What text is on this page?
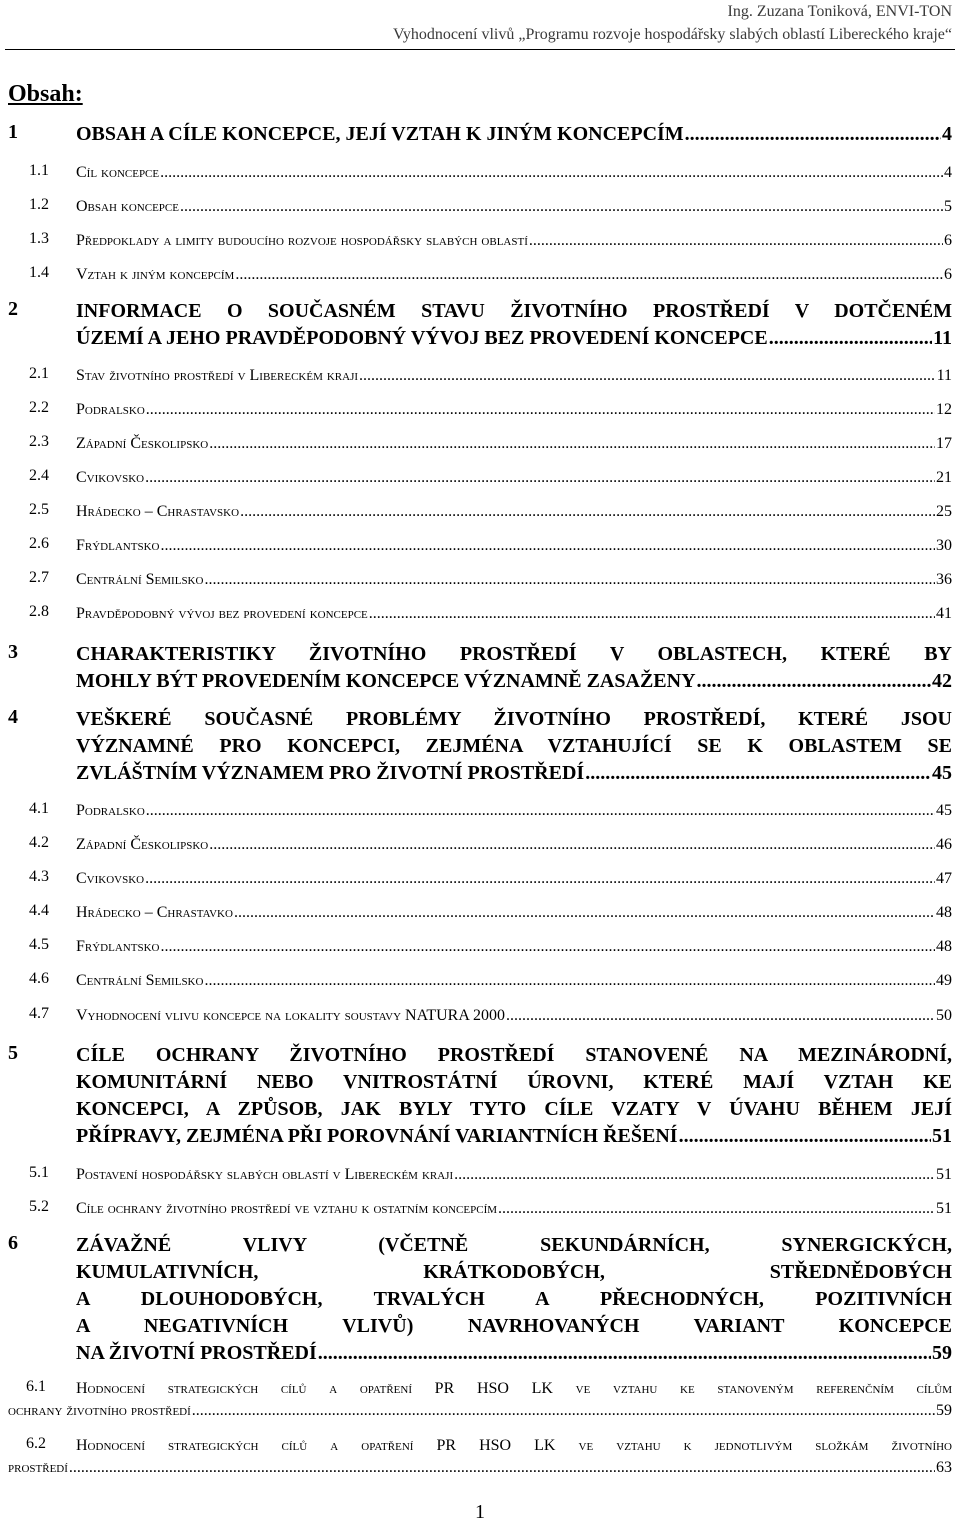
Ing. Zuzana Toniková, ENVI-TON
Vyhodnocení vlivů „Programu rozvoje hospodářsky slabých oblastí Libereckého kraje“
Obsah:
1	OBSAH A CÍLE KONCEPCE, JEJÍ VZTAH K JINÝM KONCEPCÍM .....	4
1.1 Cíl koncepce .....	4
1.2 Obsah koncepce .....	5
1.3 Předpoklady a limity budoucího rozvoje hospodářsky slabých oblastí .....	6
1.4 Vztah k jiným koncepcím .....	6
2	INFORMACE O SOUČASNÉM STAVU ŽIVOTNÍHO PROSTŘEDÍ V DOTČENÉM
ÚZEMÍ A JEHO PRAVDĚPODOBNÝ VÝVOJ BEZ PROVEDENÍ KONCEPCE .....	11
2.1 Stav životního prostředí v Libereckém kraji .....	11
2.2 Podralsko .....	12
2.3 Západní Českolipsko .....	17
2.4 Cvikovsko .....	21
2.5 Hrádecko – Chrastavsko .....	25
2.6 Frýdlantsko .....	30
2.7 Centrální Semilsko .....	36
2.8 Pravděpodobný vývoj bez provedení koncepce .....	41
3	CHARAKTERISTIKY ŽIVOTNÍHO PROSTŘEDÍ V OBLASTECH, KTERÉ BY
MOHLY BÝT PROVEDENÍM KONCEPCE VÝZNAMNĚ ZASAŽENY .....	42
4	VEŠKERÉ SOUČASNÉ PROBLÉMY ŽIVOTNÍHO PROSTŘEDÍ, KTERÉ JSOU
VÝZNAMNÉ PRO KONCEPCI, ZEJMÉNA VZTAHUJÍCÍ SE K OBLASTEM SE
ZVLÁŠTNÍM VÝZNAMEM PRO ŽIVOTNÍ PROSTŘEDÍ .....	45
4.1 Podralsko .....	45
4.2 Západní Českolipsko .....	46
4.3 Cvikovsko .....	47
4.4 Hrádecko – Chrastavko .....	48
4.5 Frýdlantsko .....	48
4.6 Centrální Semilsko .....	49
4.7 Vyhodnocení vlivu koncepce na lokality soustavy NATURA 2000 .....	50
5	CÍLE OCHRANY ŽIVOTNÍHO PROSTŘEDÍ STANOVENÉ NA MEZINÁRODNÍ,
KOMUNITÁRNÍ NEBO VNITROSTÁTNÍ ÚROVNI, KTERÉ MAJÍ VZTAH KE
KONCEPCI, A ZPŮSOB, JAK BYLY TYTO CÍLE VZATY V ÚVAHU BĚHEM JEJÍ
PŘÍPRAVY, ZEJMÉNA PŘI POROVNÁNÍ VARIANTNÍCH ŘEŠENÍ .....	51
5.1 Postavení hospodářsky slabých oblastí v Libereckém kraji .....	51
5.2 Cíle ochrany životního prostředí ve vztahu k ostatním koncepcím .....	51
6	ZÁVAŽNÉ VLIVY (VČETNĚ SEKUNDÁRNÍCH, SYNERGICKÝCH,
KUMULATIVNÍCH, KRÁTKODOBÝCH, STŘEDNĚDOBÝCH
A DLOUHODOBÝCH, TRVALÝCH A PŘECHODNÝCH, POZITIVNÍCH
A NEGATIVNÍCH VLIVŮ) NAVRHOVANÝCH VARIANT KONCEPCE
NA ŽIVOTNÍ PROSTŘEDÍ .....	59
6.1	Hodnocení strategických cílů a opatření PR HSO LK ve vztahu ke stanoveným referenčním cílům
ochrany životního prostředí .....	59
6.2	Hodnocení strategických cílů a opatření PR HSO LK ve vztahu k jednotlivým složkám životního
prostředí .....	63
1
